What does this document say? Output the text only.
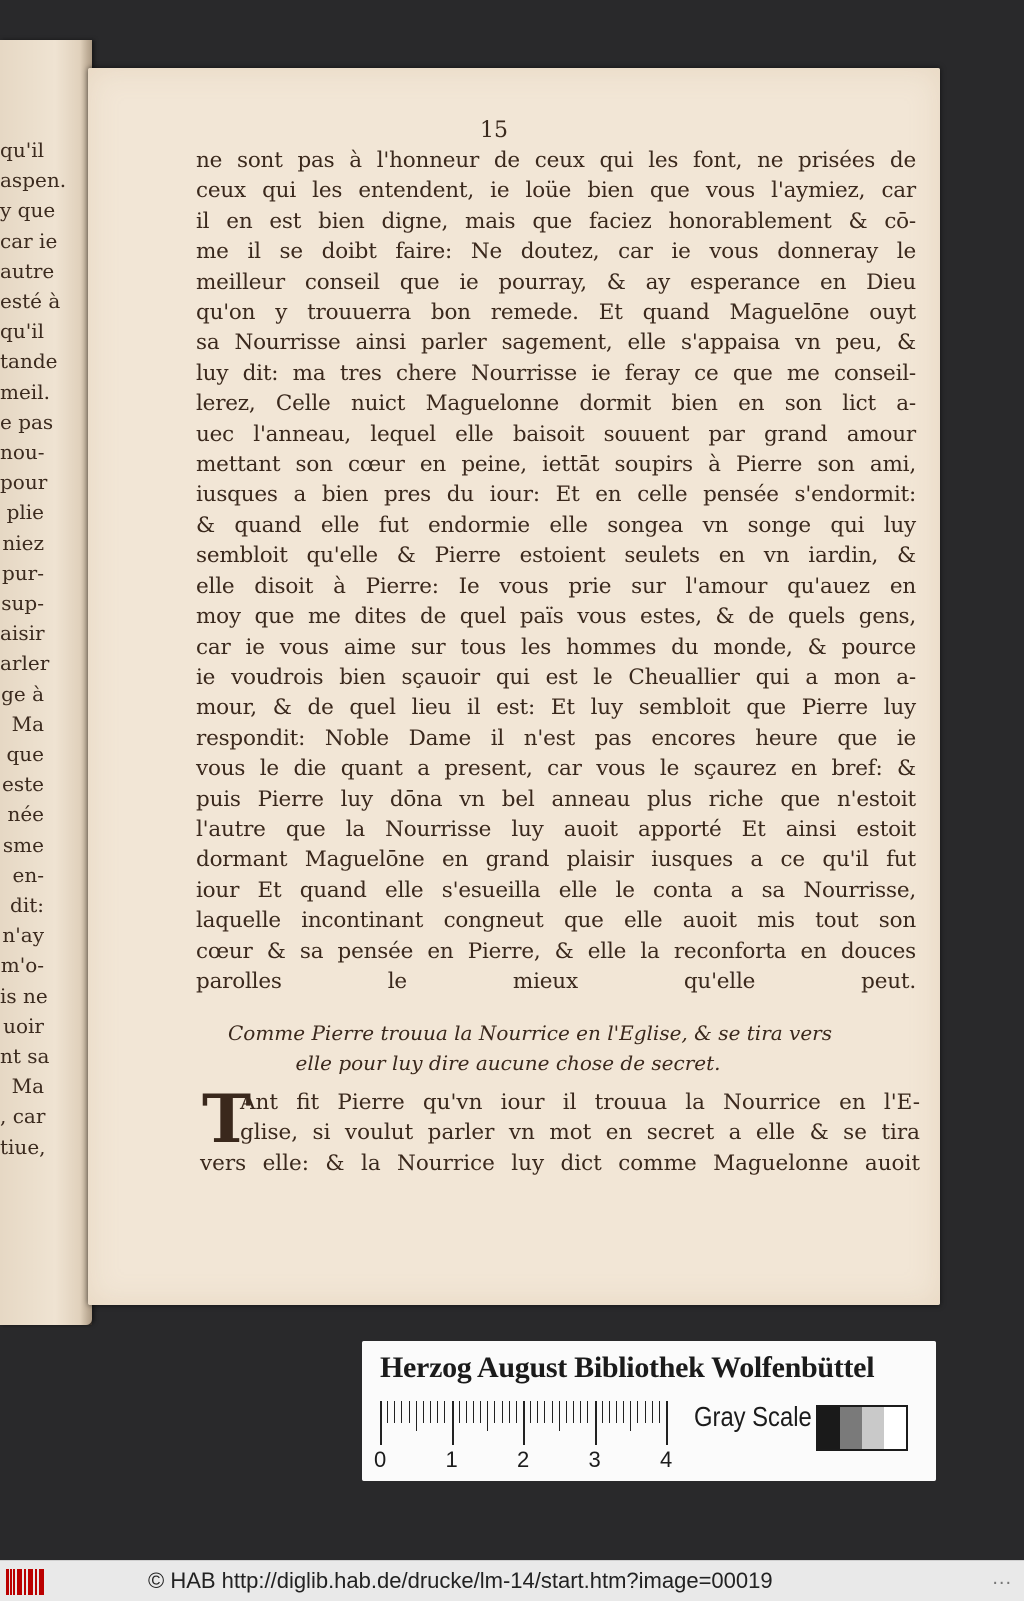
qu'il
aspen.
y que
car ie
autre
esté à
qu'il
tande
meil.
e pas
nou-
pour
plie
niez
pur-
sup-
aisir
arler
ge à
Ma
que
este
née
sme
en-
dit:
n'ay
m'o-
is ne
uoir
nt sa
Ma
, car
tiue,
15
ne sont pas à l'honneur de ceux qui les font, ne prisées de
ceux qui les entendent, ie loüe bien que vous l'aymiez, car
il en est bien digne, mais que faciez honorablement & cō-
me il se doibt faire: Ne doutez, car ie vous donneray le
meilleur conseil que ie pourray, & ay esperance en Dieu
qu'on y trouuerra bon remede. Et quand Maguelōne ouyt
sa Nourrisse ainsi parler sagement, elle s'appaisa vn peu, &
luy dit: ma tres chere Nourrisse ie feray ce que me conseil-
lerez, Celle nuict Maguelonne dormit bien en son lict a-
uec l'anneau, lequel elle baisoit souuent par grand amour
mettant son cœur en peine, iettāt soupirs à Pierre son ami,
iusques a bien pres du iour: Et en celle pensée s'endormit:
& quand elle fut endormie elle songea vn songe qui luy
sembloit qu'elle & Pierre estoient seulets en vn iardin, &
elle disoit à Pierre: Ie vous prie sur l'amour qu'auez en
moy que me dites de quel païs vous estes, & de quels gens,
car ie vous aime sur tous les hommes du monde, & pource
ie voudrois bien sçauoir qui est le Cheuallier qui a mon a-
mour, & de quel lieu il est: Et luy sembloit que Pierre luy
respondit: Noble Dame il n'est pas encores heure que ie
vous le die quant a present, car vous le sçaurez en bref: &
puis Pierre luy dōna vn bel anneau plus riche que n'estoit
l'autre que la Nourrisse luy auoit apporté Et ainsi estoit
dormant Maguelōne en grand plaisir iusques a ce qu'il fut
iour Et quand elle s'esueilla elle le conta a sa Nourrisse,
laquelle incontinant congneut que elle auoit mis tout son
cœur & sa pensée en Pierre, & elle la reconforta en douces
parolles le mieux qu'elle peut.
Comme Pierre trouua la Nourrice en l'Eglise, & se tira vers
elle pour luy dire aucune chose de secret.
T
Ant fit Pierre qu'vn iour il trouua la Nourrice en l'E-
glise, si voulut parler vn mot en secret a elle & se tira
vers elle: & la Nourrice luy dict comme Maguelonne auoit
Herzog August Bibliothek Wolfenbüttel
0	1	2	3	4
Gray Scale
© HAB http://diglib.hab.de/drucke/lm-14/start.htm?image=00019	...
